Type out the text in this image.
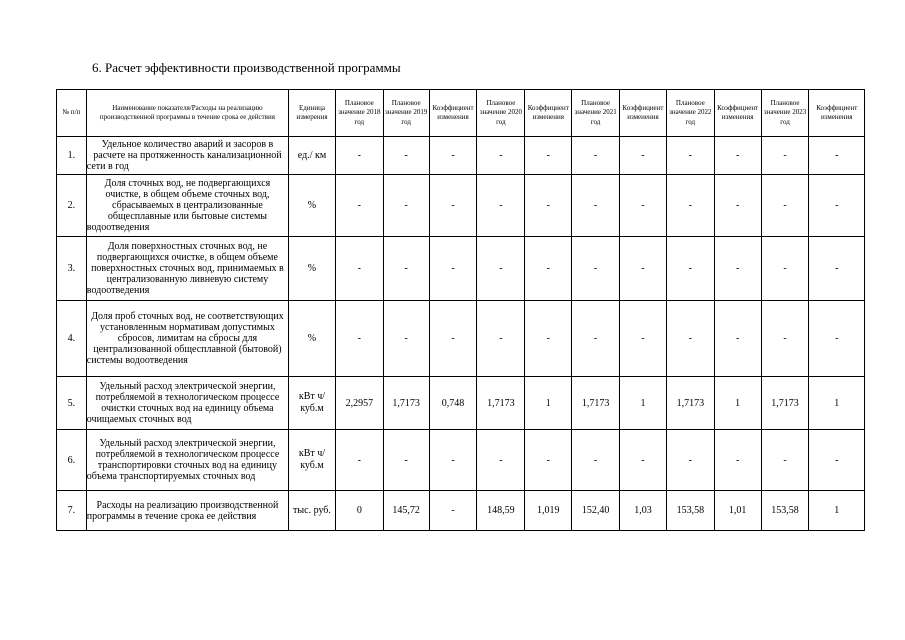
6. Расчет эффективности производственной программы
№ п/п	Наименование показателя/Расходы на реализацию производственной программы в течение срока ее действия	Единица измерения	Плановое значение 2018 год	Плановое значение 2019 год	Коэффициент изменения	Плановое значение 2020 год	Коэффициент изменения	Плановое значение 2021 год	Коэффициент изменения	Плановое значение 2022 год	Коэффициент изменения	Плановое значение 2023 год	Коэффициент изменения
1.	Удельное количество аварий и засоров в расчете на протяженность канализационной сети в год	ед./ км	-	-	-	-	-	-	-	-	-	-	-
2.	Доля сточных вод, не подвергающихся очистке, в общем объеме сточных вод, сбрасываемых в централизованные общесплавные или бытовые системы водоотведения	%	-	-	-	-	-	-	-	-	-	-	-
3.	Доля поверхностных сточных вод, не подвергающихся очистке, в общем объеме поверхностных сточных вод, принимаемых в централизованную ливневую систему водоотведения	%	-	-	-	-	-	-	-	-	-	-	-
4.	Доля проб сточных вод, не соответствующих установленным нормативам допустимых сбросов, лимитам на сбросы для централизованной общесплавной (бытовой) системы водоотведения	%	-	-	-	-	-	-	-	-	-	-	-
5.	Удельный расход электрической энергии, потребляемой в технологическом процессе очистки сточных вод на единицу объема очищаемых сточных вод	кВт ч/куб.м	2,2957	1,7173	0,748	1,7173	1	1,7173	1	1,7173	1	1,7173	1
6.	Удельный расход электрической энергии, потребляемой в технологическом процессе транспортировки сточных вод на единицу объема транспортируемых сточных вод	кВт ч/куб.м	-	-	-	-	-	-	-	-	-	-	-
7.	Расходы на реализацию производственной программы в течение срока ее действия	тыс. руб.	0	145,72	-	148,59	1,019	152,40	1,03	153,58	1,01	153,58	1
